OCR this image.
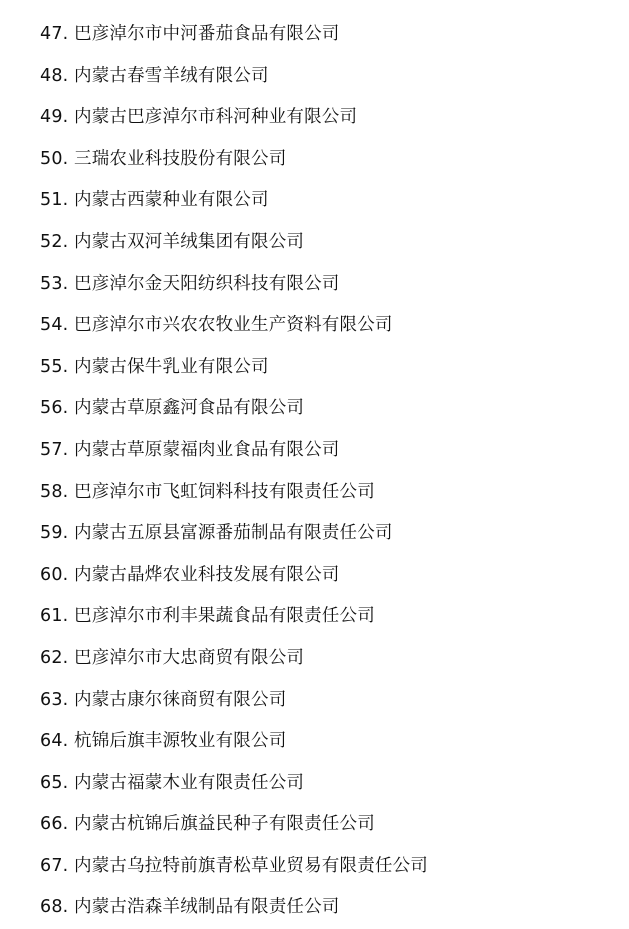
47. 巴彦淖尔市中河番茄食品有限公司
48. 内蒙古春雪羊绒有限公司
49. 内蒙古巴彦淖尔市科河种业有限公司
50. 三瑞农业科技股份有限公司
51. 内蒙古西蒙种业有限公司
52. 内蒙古双河羊绒集团有限公司
53. 巴彦淖尔金天阳纺织科技有限公司
54. 巴彦淖尔市兴农农牧业生产资料有限公司
55. 内蒙古保牛乳业有限公司
56. 内蒙古草原鑫河食品有限公司
57. 内蒙古草原蒙福肉业食品有限公司
58. 巴彦淖尔市飞虹饲料科技有限责任公司
59. 内蒙古五原县富源番茄制品有限责任公司
60. 内蒙古晶烨农业科技发展有限公司
61. 巴彦淖尔市利丰果蔬食品有限责任公司
62. 巴彦淖尔市大忠商贸有限公司
63. 内蒙古康尔徕商贸有限公司
64. 杭锦后旗丰源牧业有限公司
65. 内蒙古福蒙木业有限责任公司
66. 内蒙古杭锦后旗益民种子有限责任公司
67. 内蒙古乌拉特前旗青松草业贸易有限责任公司
68. 内蒙古浩森羊绒制品有限责任公司
